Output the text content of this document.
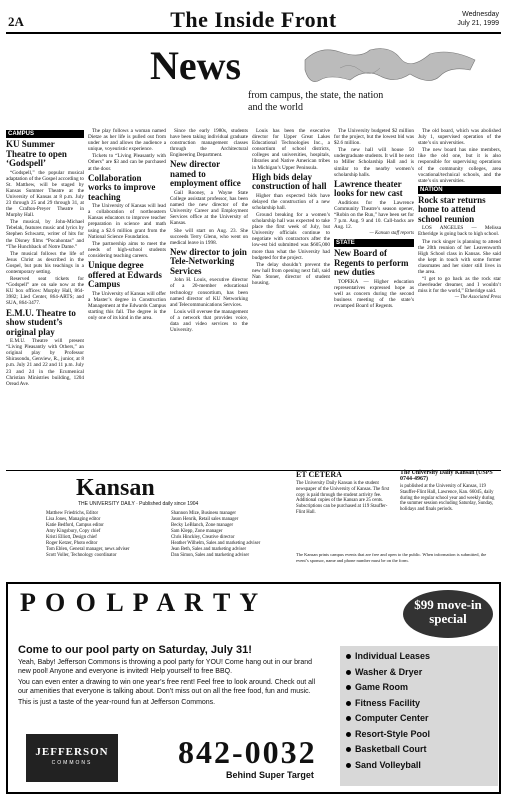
2A	The Inside Front	Wednesday
July 21, 1999
News
from campus, the state, the nation and the world
CAMPUS
KU Summer Theatre to open ‘Godspell’

“Godspell,” the popular musical adaptation of the Gospel according to St. Matthew, will be staged by Kansas Summer Theatre at the University of Kansas at 8 p.m. July 23 through 25 and 29 through 31, at the Crafton-Preyer Theatre in Murphy Hall.

The musical, by John-Michael Tebelak, features music and lyrics by Stephen Schwartz, writer of hits for the Disney films “Pocahontas” and “The Hunchback of Notre Dame.”

The musical follows the life of Jesus Christ as described in the Gospel, but puts his teachings in a contemporary setting.

Reserved seat tickets for “Godspell” are on sale now at the KU box offices: Murphy Hall, 864-3982; Lied Center, 864-ARTS; and SUA, 864-3477.

E.M.U. Theatre to show student’s original play

E.M.U. Theatre will present “Living Pleasantly with Others,” an original play by Professor Shirasondu, Genview, R., junior, at 8 p.m. July 21 and 22 and 11 p.m. July 23 and 24 in the Ecumenical Christian Ministries building, 1204 Oread Ave.

The play follows a woman named Dietze as her life is pulled out from under her and allows the audience a unique, voyeuristic experience.

Tickets to “Living Pleasantly with Others” are $3 and can be purchased at the door.

Collaboration works to improve teaching

The University of Kansas will lead a collaboration of northeastern Kansas educators to improve teacher preparation in science and math using a $2.6 million grant from the National Science Foundation.

The partnership aims to meet the needs of high-school students considering teaching careers.

Unique degree offered at Edwards Campus

The University of Kansas will offer a Master’s degree in Construction Management at the Edwards Campus starting this fall. The degree is the only one of its kind in the area.

Since the early 1980s, students have been taking individual graduate construction management classes through the Architectural Engineering Department.

New director named to employment office

Gail Rooney, a Wayne State College assistant professor, has been named the new director of the University Career and Employment Services office at the University of Kansas.

She will start on Aug. 23. She succeeds Terry Glenn, who went on medical leave in 1998.

New director to join Tele-Networking Services

John H. Louis, executive director of a 20-member educational technology consortium, has been named director of KU Networking and Telecommunications Services.

Louis will oversee the management of a network that provides voice, data and video services to the University.

Louis has been the executive director for Upper Great Lakes Educational Technologies Inc., a consortium of school districts, colleges and universities, hospitals, libraries and Native American tribes in Michigan’s Upper Peninsula.

High bids delay construction of hall

Higher than expected bids have delayed the construction of a new scholarship hall.

Ground breaking for a women’s scholarship hall was expected to take place the first week of July, but University officials continue to negotiate with contractors after the low-est bid submitted was $605,000 more than what the University had budgeted for the project.

The delay shouldn’t prevent the new hall from opening next fall, said Nan Stoner, director of student housing.

The University budgeted $2 million for the project, but the lowest bid was $2.6 million.

The new hall will house 50 undergraduate students. It will be next to Miller Scholarship Hall and is similar to the nearby women’s scholarship halls.

Lawrence theater looks for new cast

Auditions for the Lawrence Community Theatre’s season opener, “Robin on the Run,” have been set for 7 p.m. Aug. 9 and 10. Call-backs are Aug. 12.

— Kansan staff reports
STATE
New Board of Regents to perform new duties

TOPEKA — Higher education representatives expressed hope as well as concern during the second business meeting of the state’s revamped Board of Regents.

The old board, which was abolished July 1, supervised operation of the state’s six universities.

The new board has nine members, like the old one, but it is also responsible for supervising operations of the community colleges, area vocational/technical schools, and the state’s six universities.

NATION
Rock star returns home to attend school reunion

LOS ANGELES — Melissa Etheridge is going back to high school.

The rock singer is planning to attend the 20th reunion of her Leavenworth High School class in Kansas. She said she kept in touch with some former classmates and her sister still lives in the area.

“I get to go back as the rock star cheerleader dreamer, and I wouldn’t miss it for the world,” Etheridge said.

— The Associated Press
Kansan
THE UNIVERSITY DAILY · Published daily since 1904
Matthew Friedrichs, Editor
Lisa Jones, Managing editor
Katie Bedford, Campus editor
Amy Kingsbury, Copy chief
Kristi Elliott, Design chief
Roger Ketzer, Photo editor
Tom Eblen, General manager, news adviser
Scott Voller, Technology coordinator
Shannon Mize, Business manager
Jason Henrik, Retail sales manager
Becky LeBlanch, Zone manager
Sam Klepp, Zone manager
Chris Hinckley, Creative director
Heather Wilhelm, Sales and marketing adviser
Jean Beth, Sales and marketing adviser
Dan Simon, Sales and marketing adviser
ET CETERA
The University Daily Kansan is the student newspaper of the University of Kansas. The first copy is paid through the student activity fee. Additional copies of the Kansan are 25 cents. Subscriptions can be purchased at 119 Stauffer-Flint Hall.
The University Daily Kansan (USPS 0744-4967)
is published at the University of Kansas, 119 Stauffer-Flint Hall, Lawrence, Kan. 66045, daily during the regular school year and weekly during the summer session excluding Saturday, Sunday, holidays and finals periods.
The Kansan prints campus events that are free and open to the public. When information is submitted, the event’s sponsor, name and phone number must be on the form.
P O O L P A R T Y	$99 move-in special
Come to our pool party on Saturday, July 31!

Yeah, Baby! Jefferson Commons is throwing a pool party for YOU! Come hang out in our brand new pool! Anyone and everyone is invited! Help yourself to free BBQ.

You can even enter a drawing to win one year’s free rent! Feel free to look around. Check out all our amenities that everyone is talking about. Don’t miss out on all the free food, fun and music.

This is just a taste of the year-round fun at Jefferson Commons.

JEFFERSON
COMMONS	842-0032
Behind Super Target
Individual Leases
Washer & Dryer
Game Room
Fitness Facility
Computer Center
Resort-Style Pool
Basketball Court
Sand Volleyball
